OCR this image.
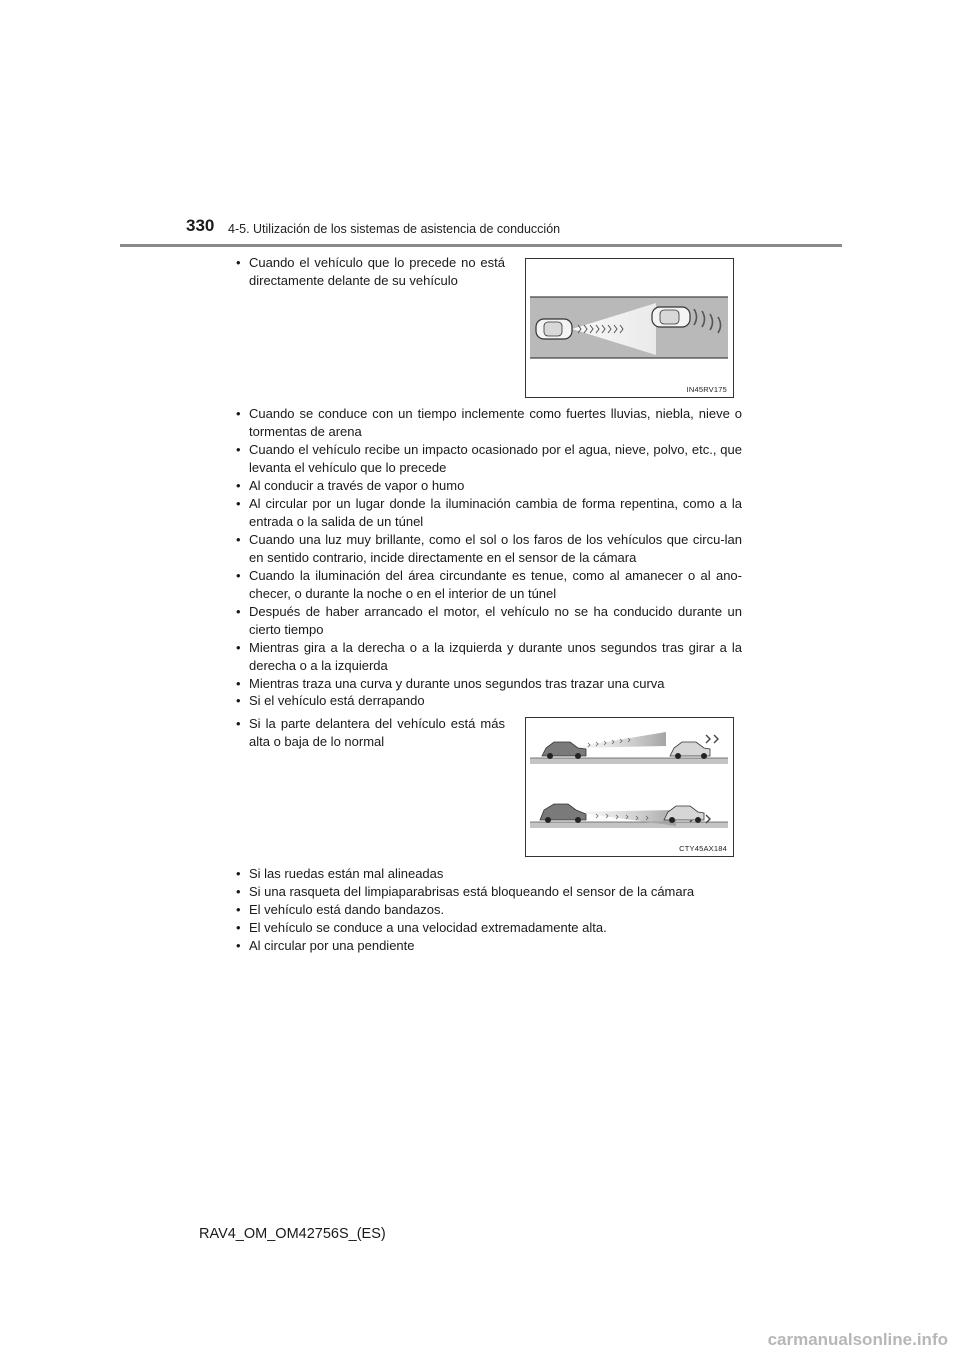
330 4-5. Utilización de los sistemas de asistencia de conducción
• Cuando el vehículo que lo precede no está directamente delante de su vehículo
IN45RV175
• Cuando se conduce con un tiempo inclemente como fuertes lluvias, niebla, nieve o tormentas de arena
• Cuando el vehículo recibe un impacto ocasionado por el agua, nieve, polvo, etc., que levanta el vehículo que lo precede
• Al conducir a través de vapor o humo
• Al circular por un lugar donde la iluminación cambia de forma repentina, como a la entrada o la salida de un túnel
• Cuando una luz muy brillante, como el sol o los faros de los vehículos que circu-lan en sentido contrario, incide directamente en el sensor de la cámara
• Cuando la iluminación del área circundante es tenue, como al amanecer o al ano-checer, o durante la noche o en el interior de un túnel
• Después de haber arrancado el motor, el vehículo no se ha conducido durante un cierto tiempo
• Mientras gira a la derecha o a la izquierda y durante unos segundos tras girar a la derecha o a la izquierda
• Mientras traza una curva y durante unos segundos tras trazar una curva
• Si el vehículo está derrapando
• Si la parte delantera del vehículo está más alta o baja de lo normal
CTY45AX184
• Si las ruedas están mal alineadas
• Si una rasqueta del limpiaparabrisas está bloqueando el sensor de la cámara
• El vehículo está dando bandazos.
• El vehículo se conduce a una velocidad extremadamente alta.
• Al circular por una pendiente
RAV4_OM_OM42756S_(ES)
carmanualsonline.info
